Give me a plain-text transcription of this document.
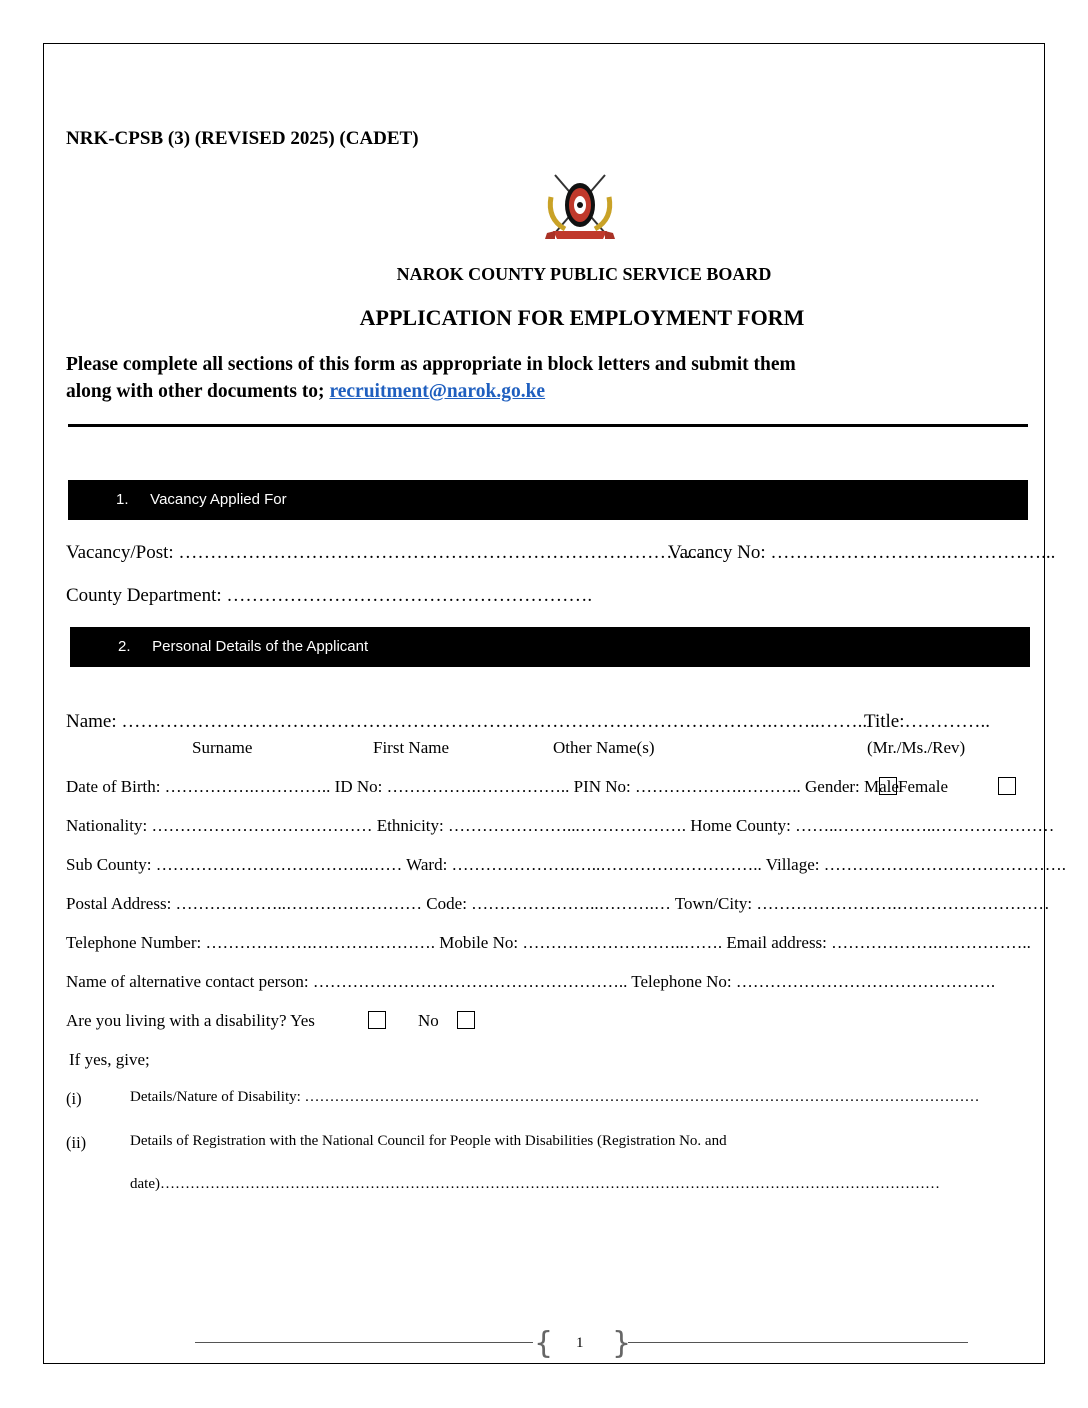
NRK-CPSB (3) (REVISED 2025) (CADET)
NAROK COUNTY PUBLIC SERVICE BOARD
APPLICATION FOR EMPLOYMENT FORM
Please complete all sections of this form as appropriate in block letters and submit them
along with other documents to; recruitment@narok.go.ke
1. Vacancy Applied For
Vacancy/Post: ………………………………………………………………………….
Vacancy No: ……………………….……………...
County Department: ………………………………………………….
2. Personal Details of the Applicant
Name: ………………………………………………………………………………………….……..……..
Title:…………..
Surname	First Name	Other Name(s)	(Mr./Ms./Rev)
Date of Birth: …………….………….. ID No: …………….…………….. PIN No: ……………….……….. Gender: Male Female
Nationality: ………………………………… Ethnicity: …………………...………………. Home County: ……..………….…..…………………
Sub County: ………………………………..…… Ward: ………………….…..……………………….. Village: …………………………………….
Postal Address: ………………..…………………… Code: …………………..……….… Town/City: …………………….………………………
Telephone Number: ……………….…………………. Mobile No: ………………………..……. Email address: ……………….……………..
Name of alternative contact person: ……………………………………………….. Telephone No: ……………………………………….
Are you living with a disability? Yes	No
If yes, give;
(i)	Details/Nature of Disability: ………………………………………………………………………………………………………………………
(ii)	Details of Registration with the National Council for People with Disabilities (Registration No. and
date)…………………………………………………………………………………………………………………………………………
{ }
1
